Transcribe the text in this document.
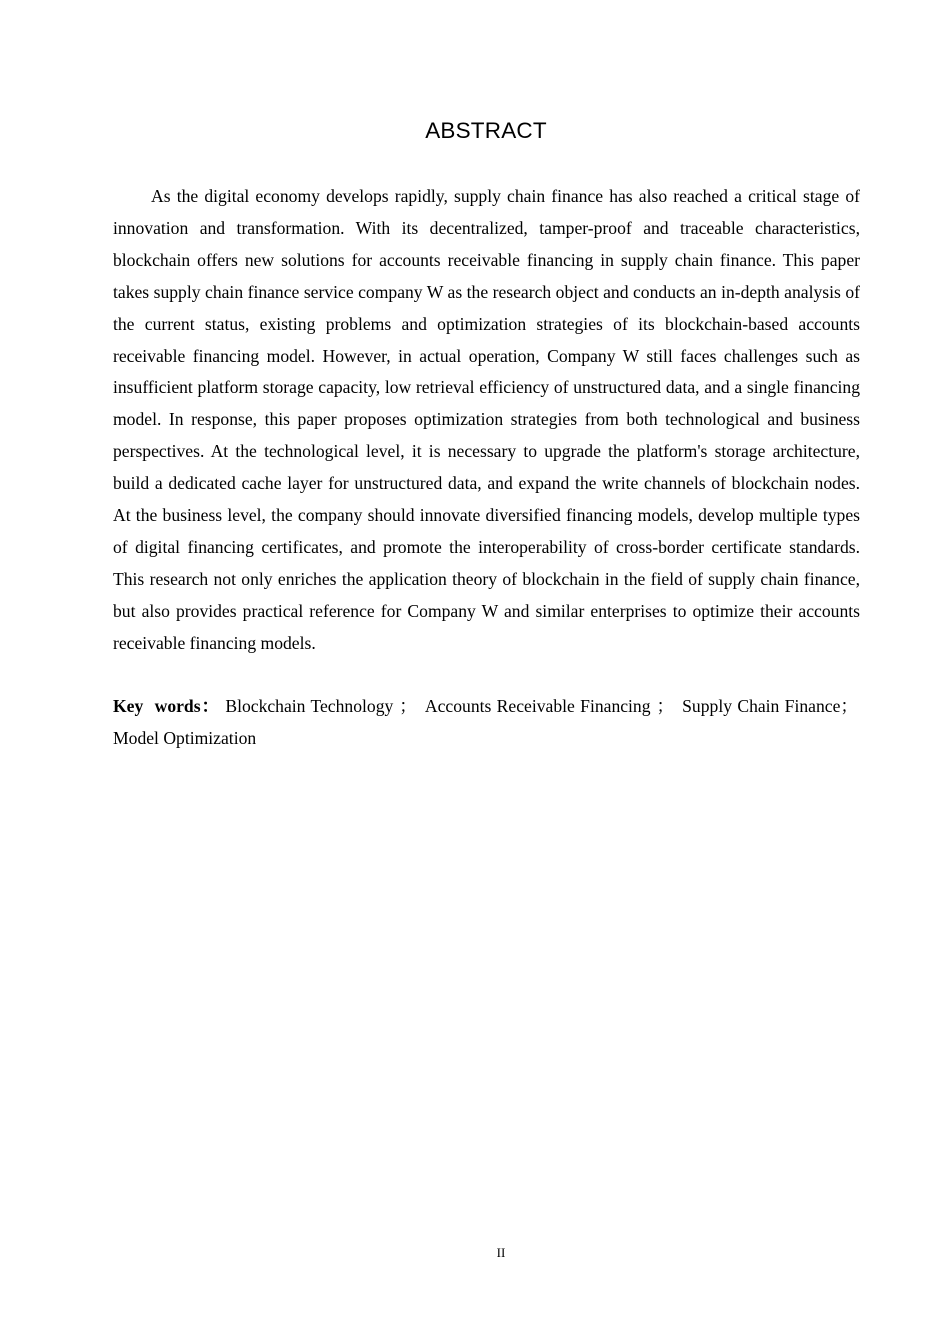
ABSTRACT

As the digital economy develops rapidly, supply chain finance has also reached a critical stage of innovation and transformation. With its decentralized, tamper-proof and traceable characteristics, blockchain offers new solutions for accounts receivable financing in supply chain finance. This paper takes supply chain finance service company W as the research object and conducts an in-depth analysis of the current status, existing problems and optimization strategies of its blockchain-based accounts receivable financing model. However, in actual operation, Company W still faces challenges such as insufficient platform storage capacity, low retrieval efficiency of unstructured data, and a single financing model. In response, this paper proposes optimization strategies from both technological and business perspectives. At the technological level, it is necessary to upgrade the platform's storage architecture, build a dedicated cache layer for unstructured data, and expand the write channels of blockchain nodes. At the business level, the company should innovate diversified financing models, develop multiple types of digital financing certificates, and promote the interoperability of cross-border certificate standards. This research not only enriches the application theory of blockchain in the field of supply chain finance, but also provides practical reference for Company W and similar enterprises to optimize their accounts receivable financing models.

Key words： Blockchain Technology ； Accounts Receivable Financing ； Supply Chain Finance；Model Optimization

II
